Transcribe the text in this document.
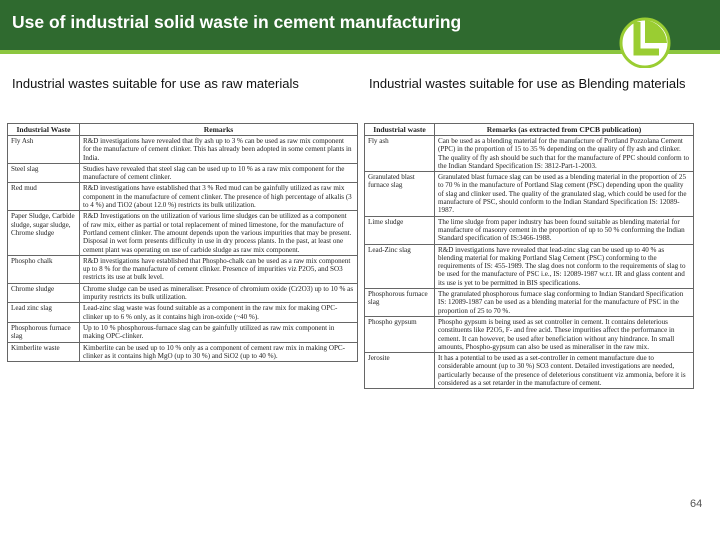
Use of industrial solid waste in cement manufacturing
Industrial wastes suitable for use as raw materials	Industrial wastes suitable for use as Blending materials
Industrial Waste	Remarks
Fly Ash	R&D investigations have revealed that fly ash up to 3 % can be used as raw mix component for the manufacture of cement clinker. This has already been adopted in some cement plants in India.
Steel slag	Studies have revealed that steel slag can be used up to 10 % as a raw mix component for the manufacture of cement clinker.
Red mud	R&D investigations have established that 3 % Red mud can be gainfully utilized as raw mix component in the manufacture of cement clinker. The presence of high percentage of alkalis (3 to 4 %) and TiO2 (about 12.0 %) restricts its bulk utilization.
Paper Sludge, Carbide sludge, sugar sludge, Chrome sludge	R&D Investigations on the utilization of various lime sludges can be utilized as a component of raw mix, either as partial or total replacement of mined limestone, for the manufacture of Portland cement clinker. The amount depends upon the various impurities that may be present. Disposal in wet form presents difficulty in use in dry process plants. In the past, at least one cement plant was operating on use of carbide sludge as raw mix component.
Phospho chalk	R&D investigations have established that Phospho-chalk can be used as a raw mix component up to 8 % for the manufacture of cement clinker. Presence of impurities viz P2O5, and SO3 restricts its use at bulk level.
Chrome sludge	Chrome sludge can be used as mineraliser. Presence of chromium oxide (Cr2O3) up to 10 % as impurity restricts its bulk utilization.
Lead zinc slag	Lead-zinc slag waste was found suitable as a component in the raw mix for making OPC-clinker up to 6 % only, as it contains high iron-oxide (~40 %).
Phosphorous furnace slag	Up to 10 % phosphorous-furnace slag can be gainfully utilized as raw mix component in making OPC-clinker.
Kimberlite waste	Kimberlite can be used up to 10 % only as a component of cement raw mix in making OPC-clinker as it contains high MgO (up to 30 %) and SiO2 (up to 40 %).
Industrial waste	Remarks (as extracted from CPCB publication)
Fly ash	Can be used as a blending material for the manufacture of Portland Pozzolana Cement (PPC) in the proportion of 15 to 35 % depending on the quality of fly ash and clinker. The quality of fly ash should be such that for the manufacture of PPC should conform to the Indian Standard Specification IS: 3812-Part-1-2003.
Granulated blast furnace slag	Granulated blast furnace slag can be used as a blending material in the proportion of 25 to 70 % in the manufacture of Portland Slag cement (PSC) depending upon the quality of slag and clinker used. The quality of the granulated slag, which could be used for the manufacture of PSC, should conform to the Indian Standard Specification IS: 12089-1987.
Lime sludge	The lime sludge from paper industry has been found suitable as blending material for manufacture of masonry cement in the proportion of up to 50 % conforming the Indian Standard specification of IS:3466-1988.
Lead-Zinc slag	R&D investigations have revealed that lead-zinc slag can be used up to 40 % as blending material for making Portland Slag Cement (PSC) conforming to the requirements of IS: 455-1989. The slag does not conform to the requirements of slag to be used for the manufacture of PSC i.e., IS: 12089-1987 w.r.t. IR and glass content and its use is yet to be permitted in BIS specifications.
Phosphorous furnace slag	The granulated phosphorous furnace slag conforming to Indian Standard Specification IS: 12089-1987 can be used as a blending material for the manufacture of PSC in the proportion of 25 to 70 %.
Phospho gypsum	Phospho gypsum is being used as set controller in cement. It contains deleterious constituents like P2O5, F- and free acid. These impurities affect the performance in cement. It can however, be used after beneficiation without any hindrance. In small amounts, Phospho-gypsum can also be used as mineraliser in the raw mix.
Jerosite	It has a potential to be used as a set-controller in cement manufacture due to considerable amount (up to 30 %) SO3 content. Detailed investigations are needed, particularly because of the presence of deleterious constituent viz ammonia, before it is considered as a set retarder in the manufacture of cement.
64
